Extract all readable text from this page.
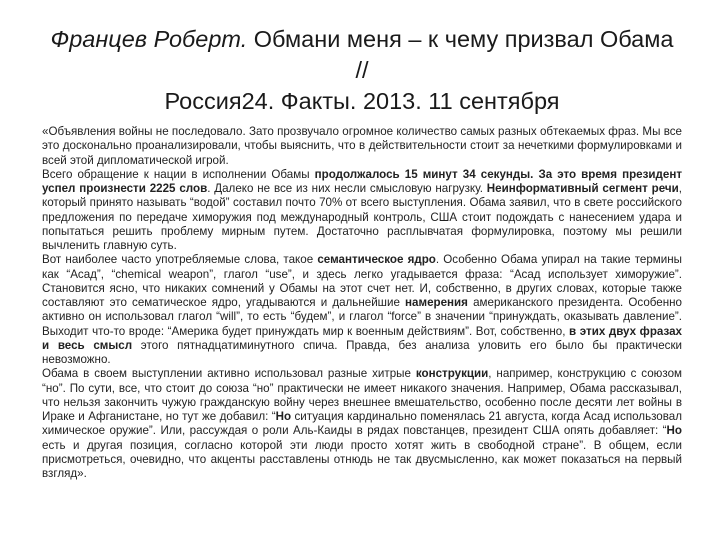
Францев Роберт. Обмани меня – к чему призвал Обама //
Россия24. Факты. 2013. 11 сентября

«Объявления войны не последовало. Зато прозвучало огромное количество самых разных обтекаемых фраз. Мы все это досконально проанализировали, чтобы выяснить, что в действительности стоит за нечеткими формулировками и всей этой дипломатической игрой.

Всего обращение к нации в исполнении Обамы продолжалось 15 минут 34 секунды. За это время президент успел произнести 2225 слов. Далеко не все из них несли смысловую нагрузку. Неинформативный сегмент речи, который принято называть “водой” составил почто 70% от всего выступления. Обама заявил, что в свете российского предложения по передаче химоружия под международный контроль, США стоит подождать с нанесением удара и попытаться решить проблему мирным путем. Достаточно расплывчатая формулировка, поэтому мы решили вычленить главную суть.

Вот наиболее часто употребляемые слова, такое семантическое ядро. Особенно Обама упирал на такие термины как “Асад”, “chemical weapon”, глагол “use”, и здесь легко угадывается фраза: “Асад использует химоружие”. Становится ясно, что никаких сомнений у Обамы на этот счет нет. И, собственно, в других словах, которые также составляют это сематическое ядро, угадываются и дальнейшие намерения американского президента. Особенно активно он использовал глагол “will”, то есть “будем”, и глагол “force” в значении “принуждать, оказывать давление”. Выходит что-то вроде: “Америка будет принуждать мир к военным действиям”. Вот, собственно, в этих двух фразах и весь смысл этого пятнадцатиминутного спича. Правда, без анализа уловить его было бы практически невозможно.

Обама в своем выступлении активно использовал разные хитрые конструкции, например, конструкцию с союзом “но”. По сути, все, что стоит до союза “но” практически не имеет никакого значения. Например, Обама рассказывал, что нельзя закончить чужую гражданскую войну через внешнее вмешательство, особенно после десяти лет войны в Ираке и Афганистане, но тут же добавил: “Но ситуация кардинально поменялась 21 августа, когда Асад использовал химическое оружие”. Или, рассуждая о роли Аль-Каиды в рядах повстанцев, президент США опять добавляет: “Но есть и другая позиция, согласно которой эти люди просто хотят жить в свободной стране”. В общем, если присмотреться, очевидно, что акценты расставлены отнюдь не так двусмысленно, как может показаться на первый взгляд».
